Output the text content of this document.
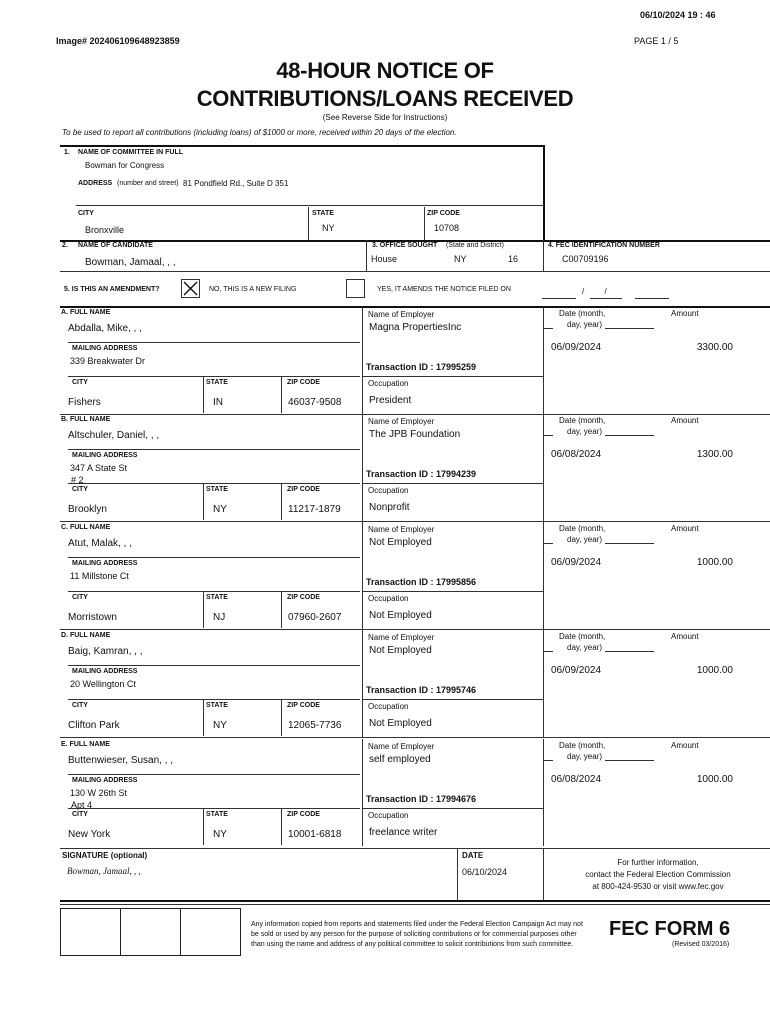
06/10/2024 19 : 46
Image# 202406109648923859	PAGE 1 / 5
48-HOUR NOTICE OF
CONTRIBUTIONS/LOANS RECEIVED
(See Reverse Side for Instructions)
To be used to report all contributions (including loans) of $1000 or more, received within 20 days of the election.
1. NAME OF COMMITTEE IN FULL
Bowman for Congress
ADDRESS (number and street) 81 Pondfield Rd., Suite D 351
CITY	STATE	ZIP CODE
Bronxville	NY	10708
2. NAME OF CANDIDATE
Bowman, Jamaal, , ,
3. OFFICE SOUGHT (State and District)
House	NY	16
4. FEC IDENTIFICATION NUMBER
C00709196
5. IS THIS AN AMENDMENT?	NO, THIS IS A NEW FILING	YES, IT AMENDS THE NOTICE FILED ON	/ /
A. FULL NAME
Abdalla, Mike, , ,
MAILING ADDRESS
339 Breakwater Dr
CITY	STATE	ZIP CODE
Fishers	IN	46037-9508
Name of Employer
Magna PropertiesInc
Transaction ID : 17995259
Occupation
President
Date (month,
day, year)
Amount
06/09/2024	3300.00
B. FULL NAME
Altschuler, Daniel, , ,
MAILING ADDRESS
347 A State St
# 2
CITY	STATE	ZIP CODE
Brooklyn	NY	11217-1879
Name of Employer
The JPB Foundation
Transaction ID : 17994239
Occupation
Nonprofit
Date (month,
day, year)
Amount
06/08/2024	1300.00
C. FULL NAME
Atut, Malak, , ,
MAILING ADDRESS
11 Millstone Ct
CITY	STATE	ZIP CODE
Morristown	NJ	07960-2607
Name of Employer
Not Employed
Transaction ID : 17995856
Occupation
Not Employed
Date (month,
day, year)
Amount
06/09/2024	1000.00
D. FULL NAME
Baig, Kamran, , ,
MAILING ADDRESS
20 Wellington Ct
CITY	STATE	ZIP CODE
Clifton Park	NY	12065-7736
Name of Employer
Not Employed
Transaction ID : 17995746
Occupation
Not Employed
Date (month,
day, year)
Amount
06/09/2024	1000.00
E. FULL NAME
Buttenwieser, Susan, , ,
MAILING ADDRESS
130 W 26th St
Apt 4
CITY	STATE	ZIP CODE
New York	NY	10001-6818
Name of Employer
self employed
Transaction ID : 17994676
Occupation
freelance writer
Date (month,
day, year)
Amount
06/08/2024	1000.00
SIGNATURE (optional)
Bowman, Jamaal, , ,
DATE
06/10/2024
For further information,
contact the Federal Election Commission
at 800-424-9530 or visit www.fec.gov
Any information copied from reports and statements filed under the Federal Election Campaign Act may not
be sold or used by any person for the purpose of soliciting contributions or for commercial purposes other
than using the name and address of any political committee to solicit contributions from such committee.
FEC FORM 6
(Revised 03/2016)
